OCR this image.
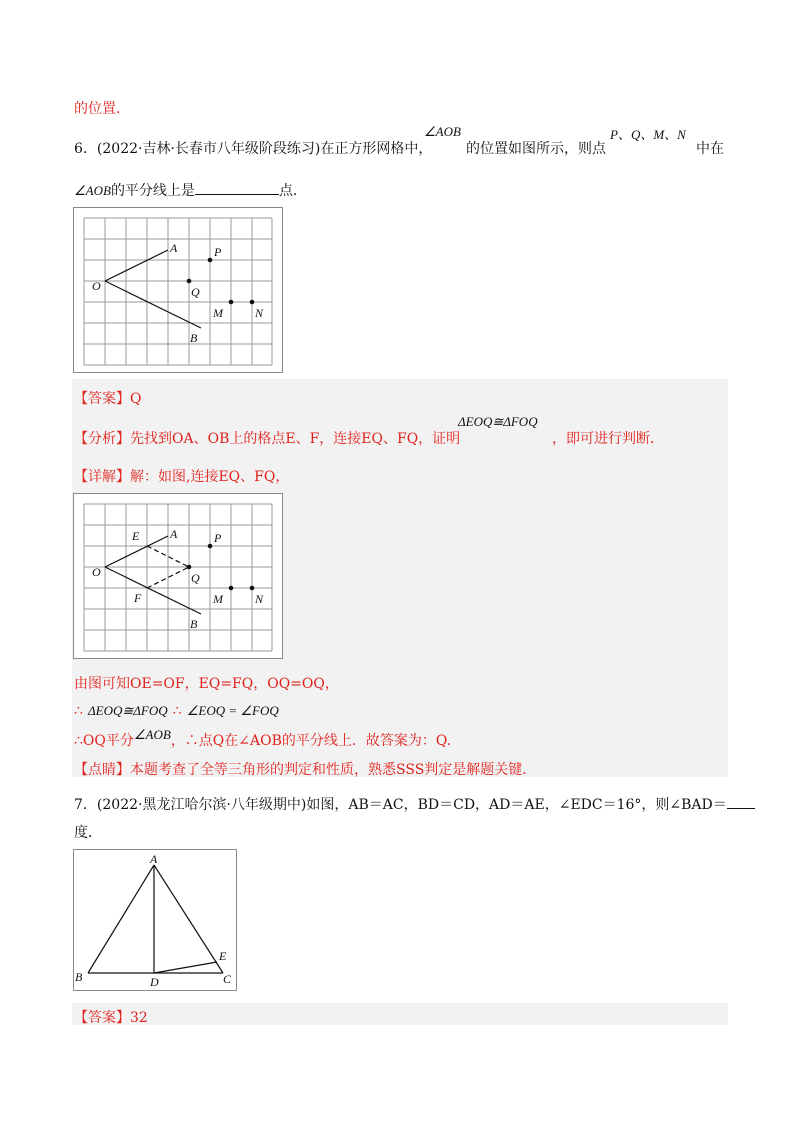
的位置．
6．(2022·吉林·长春市八年级阶段练习)在正方形网格中，
∠AOB
的位置如图所示，则点
P、Q、M、N
中在
∠AOB的平分线上是	点．
A
B
O
P
Q
M	N
【答案】Q
【分析】先找到OA、OB上的格点E、F，连接EQ、FQ，证明
ΔEOQ≅ΔFOQ
，即可进行判断．
【详解】解：如图,连接EQ、FQ，
A
B
O
P
Q
M	N
E
F
由图可知OE=OF，EQ=FQ，OQ=OQ，
∴ ΔEOQ≅ΔFOQ ∴ ∠EOQ = ∠FOQ
∴OQ平分$^{\angle AOB}$，∴点Q在∠AOB的平分线上．故答案为：Q.
【点睛】本题考查了全等三角形的判定和性质，熟悉SSS判定是解题关键．
7．(2022·黑龙江哈尔滨·八年级期中)如图，AB＝AC，BD＝CD，AD＝AE，∠EDC＝16°，则∠BAD＝
度．
A
B	C
D
E
【答案】32
